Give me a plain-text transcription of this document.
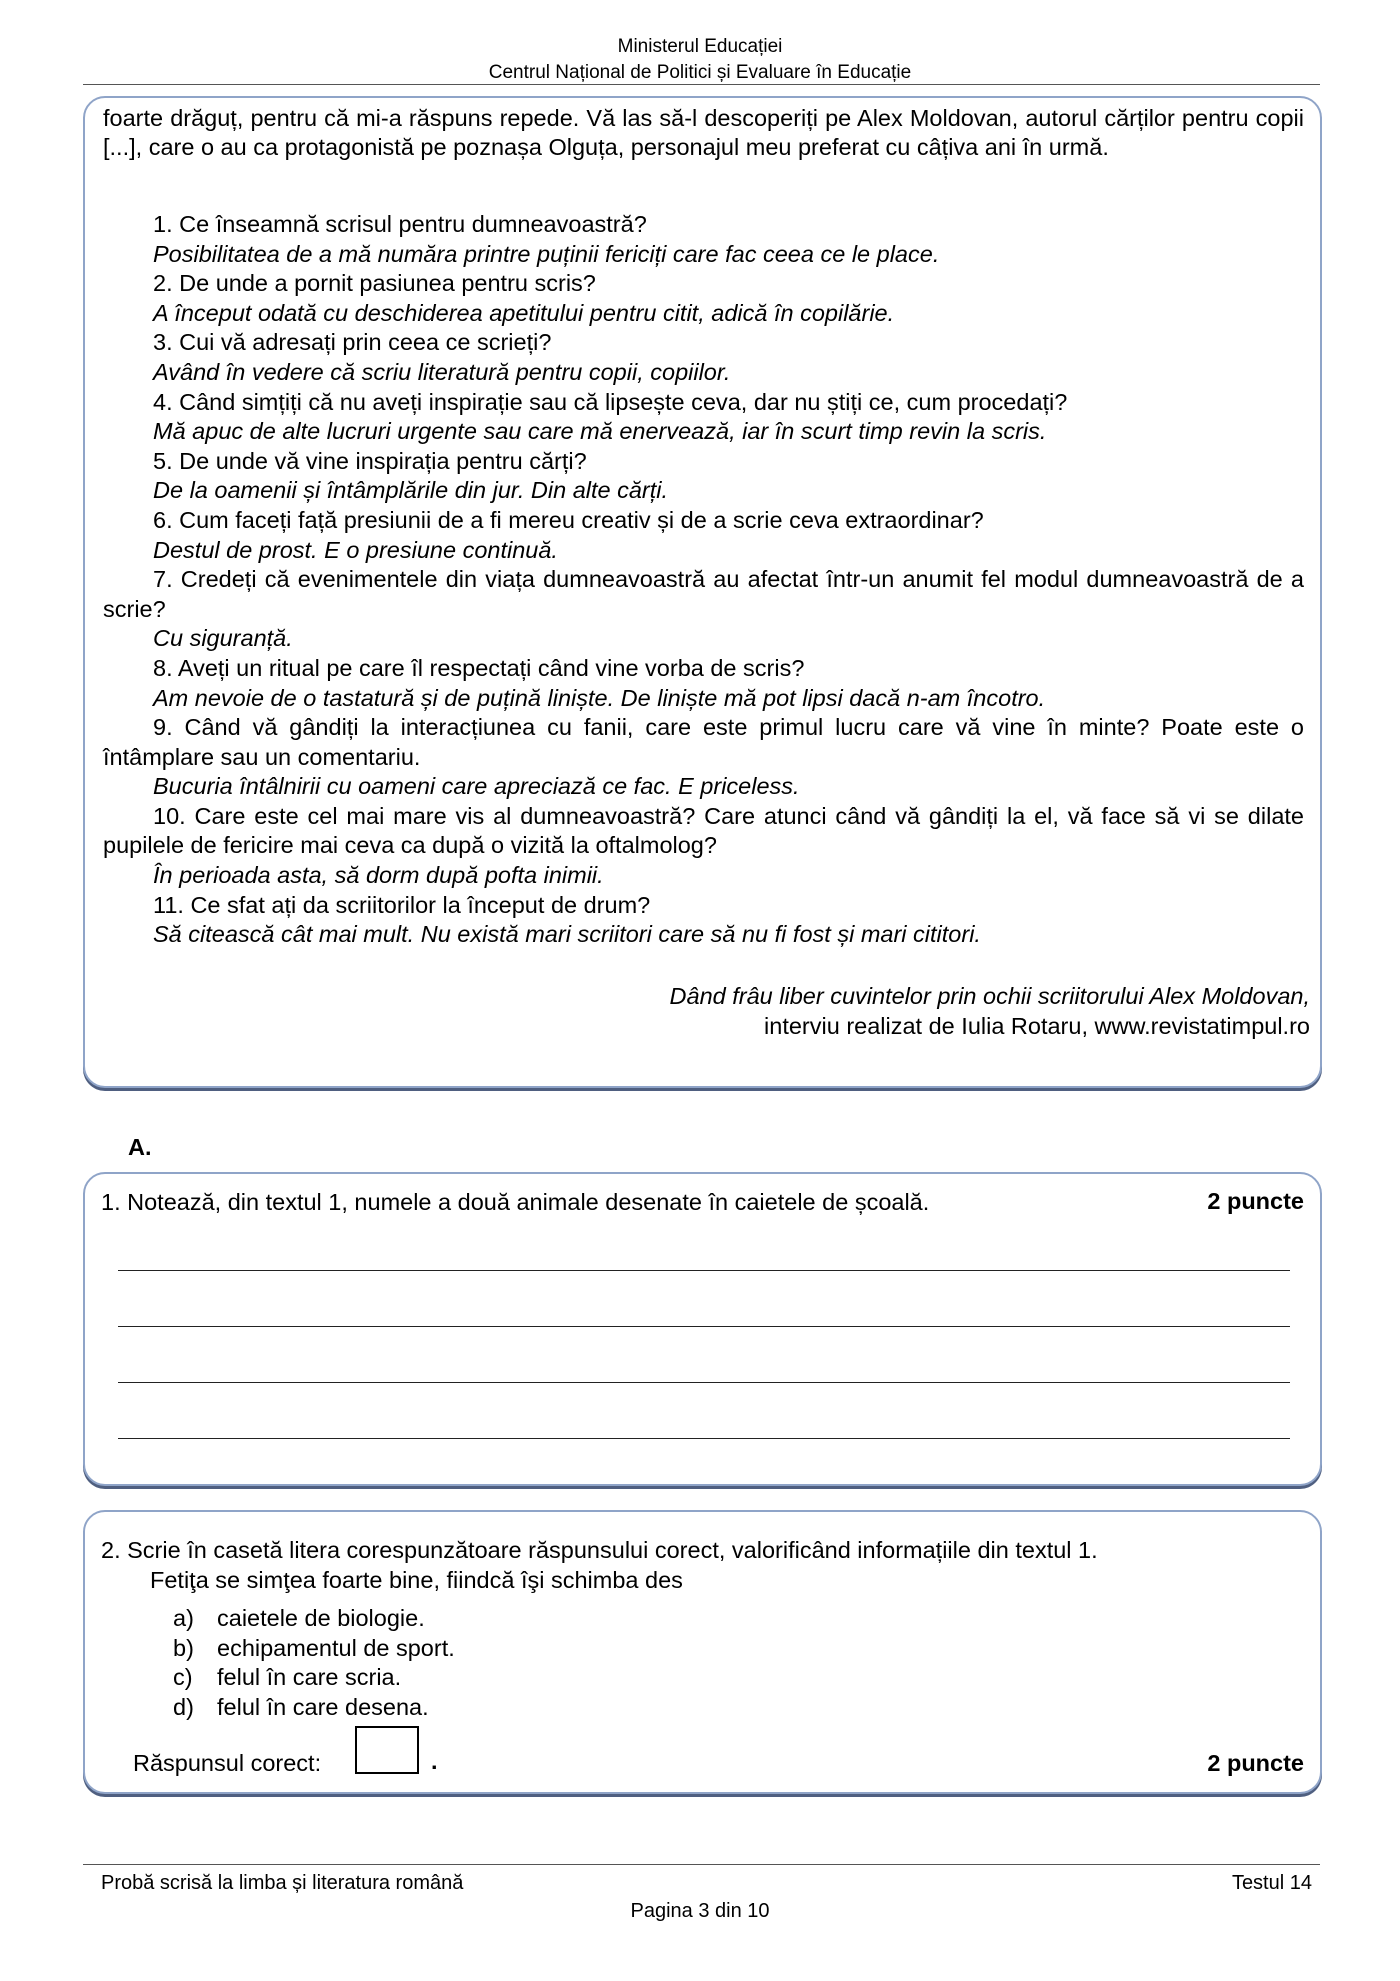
Ministerul Educației
Centrul Național de Politici și Evaluare în Educație

foarte drăguț, pentru că mi-a răspuns repede. Vă las să-l descoperiți pe Alex Moldovan, autorul cărților pentru copii [...], care o au ca protagonistă pe poznașa Olguța, personajul meu preferat cu câțiva ani în urmă.

1. Ce înseamnă scrisul pentru dumneavoastră?
Posibilitatea de a mă număra printre puținii fericiți care fac ceea ce le place.
2. De unde a pornit pasiunea pentru scris?
A început odată cu deschiderea apetitului pentru citit, adică în copilărie.
3. Cui vă adresați prin ceea ce scrieți?
Având în vedere că scriu literatură pentru copii, copiilor.
4. Când simțiți că nu aveți inspirație sau că lipsește ceva, dar nu știți ce, cum procedați?
Mă apuc de alte lucruri urgente sau care mă enervează, iar în scurt timp revin la scris.
5. De unde vă vine inspirația pentru cărți?
De la oamenii și întâmplările din jur. Din alte cărți.
6. Cum faceți față presiunii de a fi mereu creativ și de a scrie ceva extraordinar?
Destul de prost. E o presiune continuă.
7. Credeți că evenimentele din viața dumneavoastră au afectat într-un anumit fel modul dumneavoastră de a scrie?
Cu siguranță.
8. Aveți un ritual pe care îl respectați când vine vorba de scris?
Am nevoie de o tastatură și de puțină liniște. De liniște mă pot lipsi dacă n-am încotro.
9. Când vă gândiți la interacțiunea cu fanii, care este primul lucru care vă vine în minte? Poate este o întâmplare sau un comentariu.
Bucuria întâlnirii cu oameni care apreciază ce fac. E priceless.
10. Care este cel mai mare vis al dumneavoastră? Care atunci când vă gândiți la el, vă face să vi se dilate pupilele de fericire mai ceva ca după o vizită la oftalmolog?
În perioada asta, să dorm după pofta inimii.
11. Ce sfat ați da scriitorilor la început de drum?
Să citească cât mai mult. Nu există mari scriitori care să nu fi fost și mari cititori.
Dând frâu liber cuvintelor prin ochii scriitorului Alex Moldovan,
interviu realizat de Iulia Rotaru, www.revistatimpul.ro
A.
1. Notează, din textul 1, numele a două animale desenate în caietele de școală.	2 puncte
2. Scrie în casetă litera corespunzătoare răspunsului corect, valorificând informațiile din textul 1.
Fetiţa se simţea foarte bine, fiindcă îşi schimba des
a) caietele de biologie.
b) echipamentul de sport.
c)	felul în care scria.
d) felul în care desena.
Răspunsul corect:	.	2 puncte
Probă scrisă la limba și literatura română	Testul 14
Pagina 3 din 10
